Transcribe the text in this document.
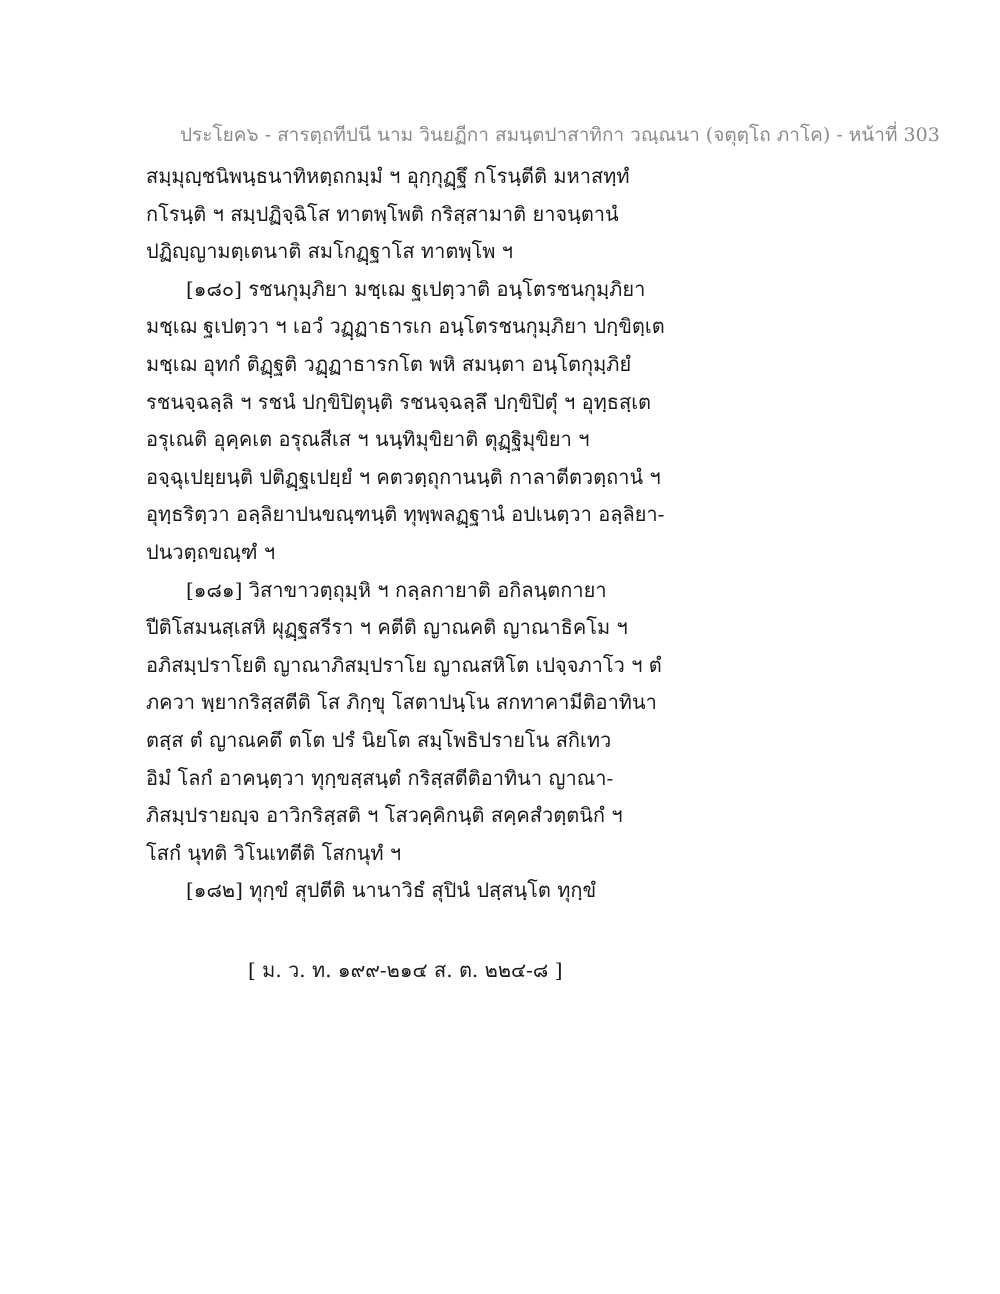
ประโยค๖ - สารตฺถทีปนี นาม วินยฏีกา สมนฺตปาสาทิกา วณฺณนา (จตุตฺโถ ภาโค) - หน้าที่ 303
สมฺมุญฺชนิพนฺธนาทิหตฺถกมฺมํ ฯ อุกฺกุฏฺฐึ กโรนฺตีติ มหาสทฺทํ
กโรนฺติ ฯ สมฺปฏิจฺฉิโส ทาตพฺโพติ กริสฺสามาติ ยาจนฺตานํ
ปฏิญฺญามตฺเตนาติ สมโกฏฺฐาโส ทาตพฺโพ ฯ
[๑๘๐] รชนกุมฺภิยา มชฺเฌ ฐเปตฺวาติ อนฺโตรชนกุมฺภิยา
มชฺเฌ ฐเปตฺวา ฯ เอวํ วฏฺฏาธารเก อนฺโตรชนกุมฺภิยา ปกฺขิตฺเต
มชฺเฌ อุทกํ ติฏฺฐติ วฏฺฏาธารกโต พหิ สมนฺตา อนฺโตกุมฺภิยํ
รชนจฺฉลฺลิ ฯ รชนํ ปกฺขิปิตุนฺติ รชนจฺฉลฺลึ ปกฺขิปิตุํ ฯ อุทฺธสฺเต
อรุเณติ อุคฺคเต อรุณสีเส ฯ นนฺทิมุขิยาติ ตุฏฺฐิมุขิยา ฯ
อจฺฉุเปยฺยนฺติ ปติฏฺฐเปยฺยํ ฯ คตวตฺถุกานนฺติ กาลาตีตวตฺถานํ ฯ
อุทฺธริตฺวา อลฺลิยาปนขณฺฑนฺติ ทุพฺพลฏฺฐานํ อปเนตฺวา อลฺลิยา-
ปนวตฺถขณฺฑํ ฯ
[๑๘๑] วิสาขาวตฺถุมฺหิ ฯ กลฺลกายาติ อกิลนฺตกายา
ปีติโสมนสฺเสหิ ผุฏฺฐสรีรา ฯ คตีติ ญาณคติ ญาณาธิคโม ฯ
อภิสมฺปราโยติ ญาณาภิสมฺปราโย ญาณสหิโต เปจฺจภาโว ฯ ตํ
ภควา พฺยากริสฺสตีติ โส ภิกฺขุ โสตาปนฺโน สกทาคามีติอาทินา
ตสฺส ตํ ญาณคตึ ตโต ปรํ นิยโต สมฺโพธิปรายโน สกิเทว
อิมํ โลกํ อาคนฺตฺวา ทุกฺขสฺสนฺตํ กริสฺสตีติอาทินา ญาณา-
ภิสมฺปรายญฺจ อาวิกริสฺสติ ฯ โสวคฺคิกนฺติ สคฺคสํวตฺตนิกํ ฯ
โสกํ นุทติ วิโนเทตีติ โสกนุทํ ฯ
[๑๘๒] ทุกฺขํ สุปตีติ นานาวิธํ สุปินํ ปสฺสนฺโต ทุกฺขํ
[ ม. ว. ท. ๑๙๙-๒๑๔ ส. ต. ๒๒๔-๘ ]
